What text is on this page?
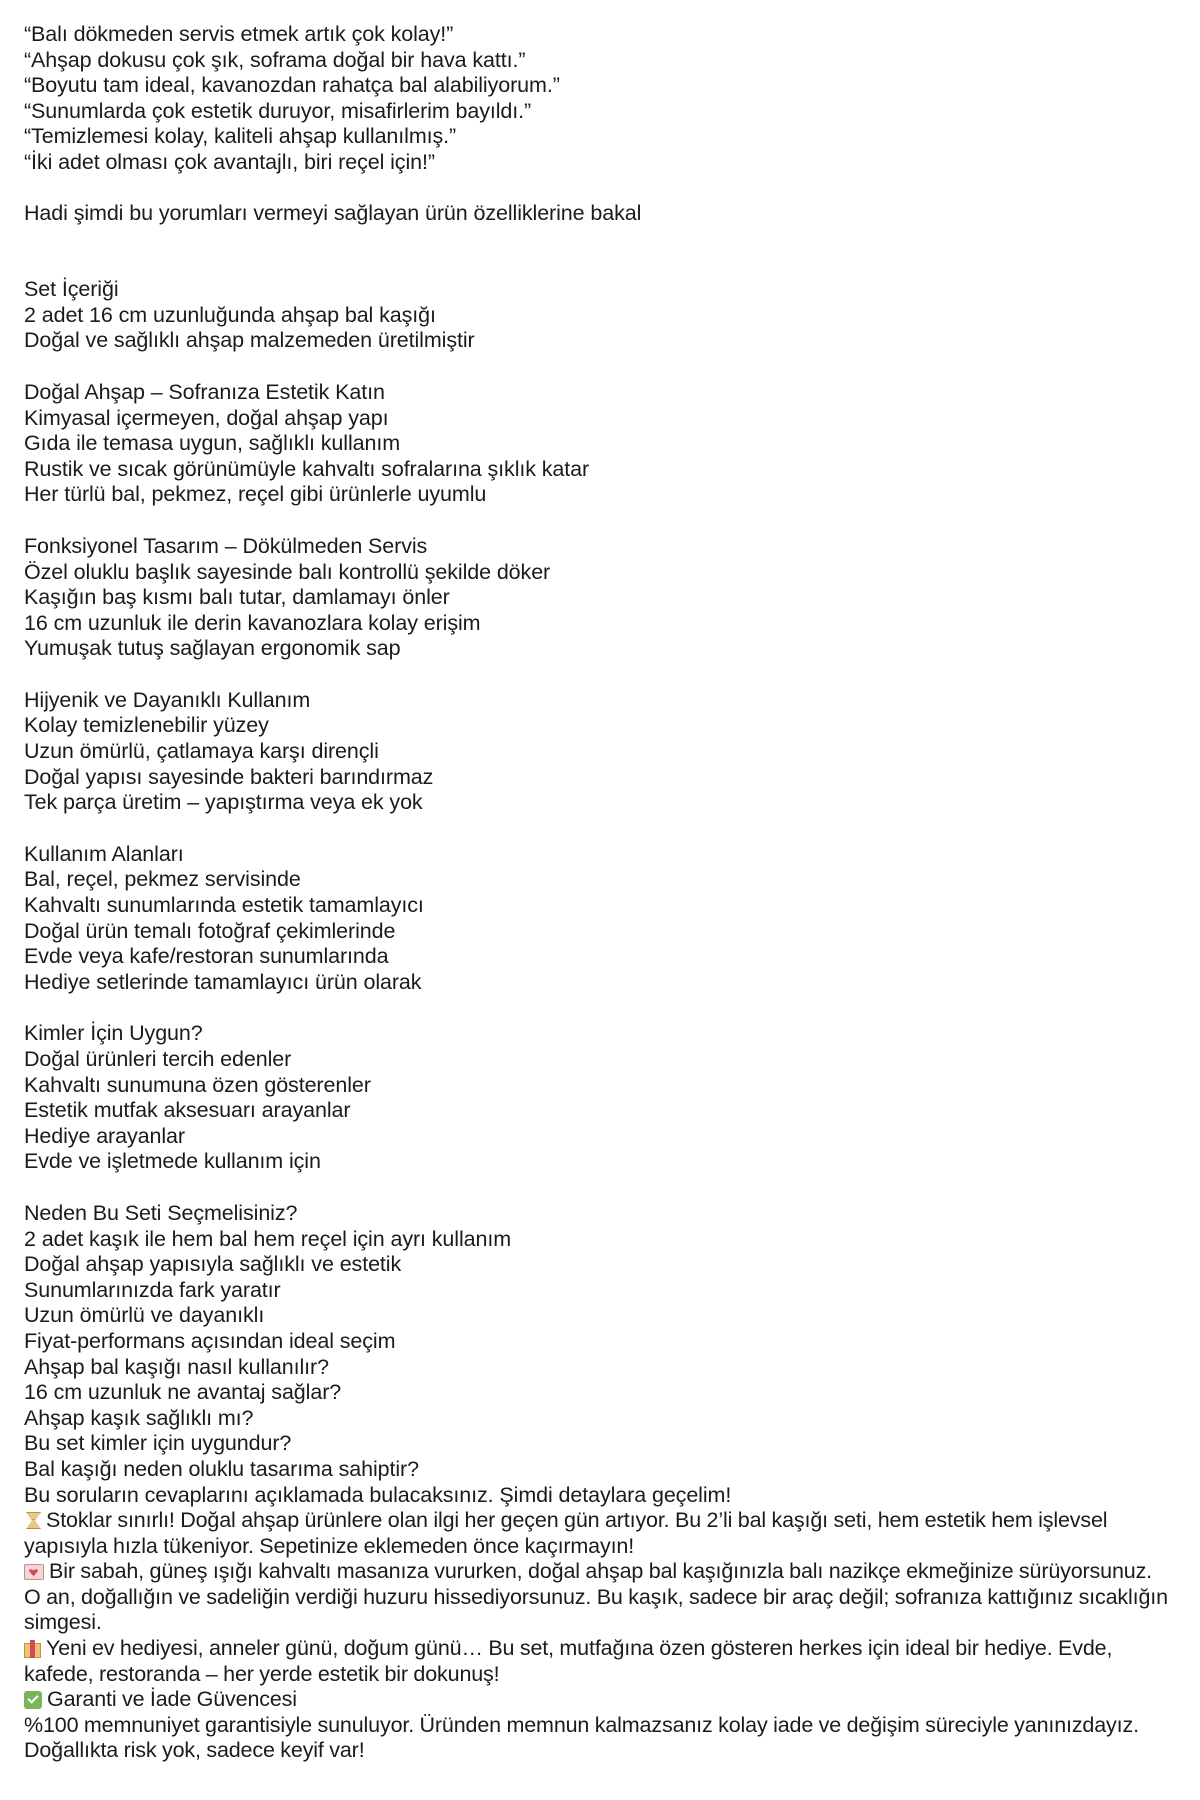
“Balı dökmeden servis etmek artık çok kolay!”
“Ahşap dokusu çok şık, soframa doğal bir hava kattı.”
“Boyutu tam ideal, kavanozdan rahatça bal alabiliyorum.”
“Sunumlarda çok estetik duruyor, misafirlerim bayıldı.”
“Temizlemesi kolay, kaliteli ahşap kullanılmış.”
“İki adet olması çok avantajlı, biri reçel için!”
Hadi şimdi bu yorumları vermeyi sağlayan ürün özelliklerine bakal
Set İçeriği
2 adet 16 cm uzunluğunda ahşap bal kaşığı
Doğal ve sağlıklı ahşap malzemeden üretilmiştir
Doğal Ahşap – Sofranıza Estetik Katın
Kimyasal içermeyen, doğal ahşap yapı
Gıda ile temasa uygun, sağlıklı kullanım
Rustik ve sıcak görünümüyle kahvaltı sofralarına şıklık katar
Her türlü bal, pekmez, reçel gibi ürünlerle uyumlu
Fonksiyonel Tasarım – Dökülmeden Servis
Özel oluklu başlık sayesinde balı kontrollü şekilde döker
Kaşığın baş kısmı balı tutar, damlamayı önler
16 cm uzunluk ile derin kavanozlara kolay erişim
Yumuşak tutuş sağlayan ergonomik sap
Hijyenik ve Dayanıklı Kullanım
Kolay temizlenebilir yüzey
Uzun ömürlü, çatlamaya karşı dirençli
Doğal yapısı sayesinde bakteri barındırmaz
Tek parça üretim – yapıştırma veya ek yok
Kullanım Alanları
Bal, reçel, pekmez servisinde
Kahvaltı sunumlarında estetik tamamlayıcı
Doğal ürün temalı fotoğraf çekimlerinde
Evde veya kafe/restoran sunumlarında
Hediye setlerinde tamamlayıcı ürün olarak
Kimler İçin Uygun?
Doğal ürünleri tercih edenler
Kahvaltı sunumuna özen gösterenler
Estetik mutfak aksesuarı arayanlar
Hediye arayanlar
Evde ve işletmede kullanım için
Neden Bu Seti Seçmelisiniz?
2 adet kaşık ile hem bal hem reçel için ayrı kullanım
Doğal ahşap yapısıyla sağlıklı ve estetik
Sunumlarınızda fark yaratır
Uzun ömürlü ve dayanıklı
Fiyat-performans açısından ideal seçim
Ahşap bal kaşığı nasıl kullanılır?
16 cm uzunluk ne avantaj sağlar?
Ahşap kaşık sağlıklı mı?
Bu set kimler için uygundur?
Bal kaşığı neden oluklu tasarıma sahiptir?
Bu soruların cevaplarını açıklamada bulacaksınız. Şimdi detaylara geçelim!
Stoklar sınırlı! Doğal ahşap ürünlere olan ilgi her geçen gün artıyor. Bu 2’li bal kaşığı seti, hem estetik hem işlevsel yapısıyla hızla tükeniyor. Sepetinize eklemeden önce kaçırmayın!
Bir sabah, güneş ışığı kahvaltı masanıza vururken, doğal ahşap bal kaşığınızla balı nazikçe ekmeğinize sürüyorsunuz. O an, doğallığın ve sadeliğin verdiği huzuru hissediyorsunuz. Bu kaşık, sadece bir araç değil; sofranıza kattığınız sıcaklığın simgesi.
Yeni ev hediyesi, anneler günü, doğum günü… Bu set, mutfağına özen gösteren herkes için ideal bir hediye. Evde, kafede, restoranda – her yerde estetik bir dokunuş!
Garanti ve İade Güvencesi
%100 memnuniyet garantisiyle sunuluyor. Üründen memnun kalmazsanız kolay iade ve değişim süreciyle yanınızdayız. Doğallıkta risk yok, sadece keyif var!
